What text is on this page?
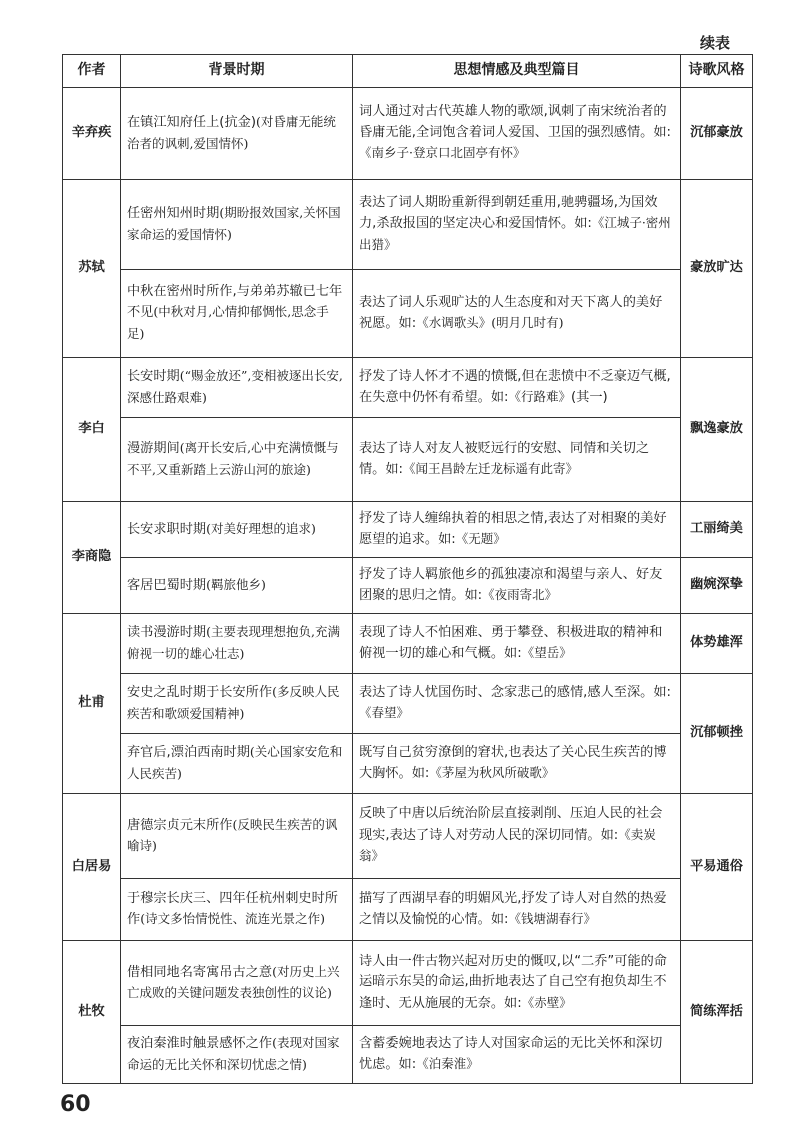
续表
作者	背景时期	思想情感及典型篇目	诗歌风格
辛弃疾	在镇江知府任上(抗金)(对昏庸无能统治者的讽刺,爱国情怀)	词人通过对古代英雄人物的歌颂,讽刺了南宋统治者的昏庸无能,全词饱含着词人爱国、卫国的强烈感情。如:《南乡子·登京口北固亭有怀》	沉郁豪放
苏轼	任密州知州时期(期盼报效国家,关怀国家命运的爱国情怀)	表达了词人期盼重新得到朝廷重用,驰骋疆场,为国效力,杀敌报国的坚定决心和爱国情怀。如:《江城子·密州出猎》	豪放旷达
	中秋在密州时所作,与弟弟苏辙已七年不见(中秋对月,心情抑郁惆怅,思念手足)	表达了词人乐观旷达的人生态度和对天下离人的美好祝愿。如:《水调歌头》(明月几时有)	
李白	长安时期(“赐金放还”,变相被逐出长安,深感仕路艰难)	抒发了诗人怀才不遇的愤慨,但在悲愤中不乏豪迈气概,在失意中仍怀有希望。如:《行路难》(其一)	飘逸豪放
	漫游期间(离开长安后,心中充满愤慨与不平,又重新踏上云游山河的旅途)	表达了诗人对友人被贬远行的安慰、同情和关切之情。如:《闻王昌龄左迁龙标遥有此寄》	
李商隐	长安求职时期(对美好理想的追求)	抒发了诗人缠绵执着的相思之情,表达了对相聚的美好愿望的追求。如:《无题》	工丽绮美
	客居巴蜀时期(羁旅他乡)	抒发了诗人羁旅他乡的孤独凄凉和渴望与亲人、好友团聚的思归之情。如:《夜雨寄北》	幽婉深挚
杜甫	读书漫游时期(主要表现理想抱负,充满俯视一切的雄心壮志)	表现了诗人不怕困难、勇于攀登、积极进取的精神和俯视一切的雄心和气概。如:《望岳》	体势雄浑
	安史之乱时期于长安所作(多反映人民疾苦和歌颂爱国精神)	表达了诗人忧国伤时、念家悲己的感情,感人至深。如:《春望》	沉郁顿挫
	弃官后,漂泊西南时期(关心国家安危和人民疾苦)	既写自己贫穷潦倒的窘状,也表达了关心民生疾苦的博大胸怀。如:《茅屋为秋风所破歌》	
白居易	唐德宗贞元末所作(反映民生疾苦的讽喻诗)	反映了中唐以后统治阶层直接剥削、压迫人民的社会现实,表达了诗人对劳动人民的深切同情。如:《卖炭翁》	平易通俗
	于穆宗长庆三、四年任杭州刺史时所作(诗文多怡情悦性、流连光景之作)	描写了西湖早春的明媚风光,抒发了诗人对自然的热爱之情以及愉悦的心情。如:《钱塘湖春行》	
杜牧	借相同地名寄寓吊古之意(对历史上兴亡成败的关键问题发表独创性的议论)	诗人由一件古物兴起对历史的慨叹,以“二乔”可能的命运暗示东吴的命运,曲折地表达了自己空有抱负却生不逢时、无从施展的无奈。如:《赤壁》	简练浑括
	夜泊秦淮时触景感怀之作(表现对国家命运的无比关怀和深切忧虑之情)	含蓄委婉地表达了诗人对国家命运的无比关怀和深切忧虑。如:《泊秦淮》	
60
